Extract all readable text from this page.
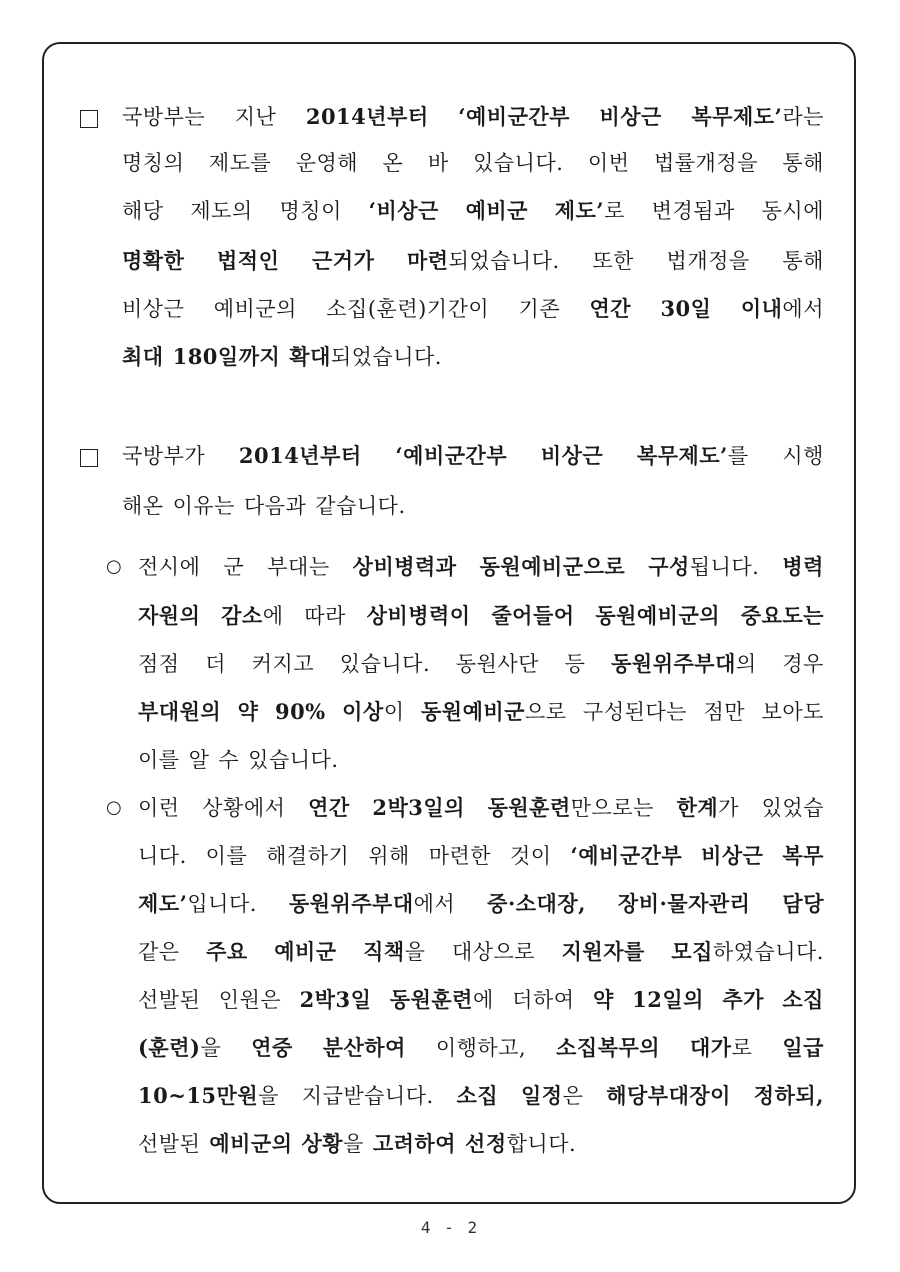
국방부는 지난 2014년부터 ‘예비군간부 비상근 복무제도’라는
명칭의 제도를 운영해 온 바 있습니다. 이번 법률개정을 통해
해당 제도의 명칭이 ‘비상근 예비군 제도’로 변경됨과 동시에
명확한 법적인 근거가 마련되었습니다. 또한 법개정을 통해
비상근 예비군의 소집(훈련)기간이 기존 연간 30일 이내에서
최대 180일까지 확대되었습니다.
국방부가 2014년부터 ‘예비군간부 비상근 복무제도’를 시행
해온 이유는 다음과 같습니다.
○ 전시에 군 부대는 상비병력과 동원예비군으로 구성됩니다. 병력
자원의 감소에 따라 상비병력이 줄어들어 동원예비군의 중요도는
점점 더 커지고 있습니다. 동원사단 등 동원위주부대의 경우
부대원의 약 90% 이상이 동원예비군으로 구성된다는 점만 보아도
이를 알 수 있습니다.
○ 이런 상황에서 연간 2박3일의 동원훈련만으로는 한계가 있었습
니다. 이를 해결하기 위해 마련한 것이 ‘예비군간부 비상근 복무
제도’입니다. 동원위주부대에서 중·소대장, 장비·물자관리 담당
같은 주요 예비군 직책을 대상으로 지원자를 모집하였습니다.
선발된 인원은 2박3일 동원훈련에 더하여 약 12일의 추가 소집
(훈련)을 연중 분산하여 이행하고, 소집복무의 대가로 일급
10~15만원을 지급받습니다. 소집 일정은 해당부대장이 정하되,
선발된 예비군의 상황을 고려하여 선정합니다.
4 - 2
